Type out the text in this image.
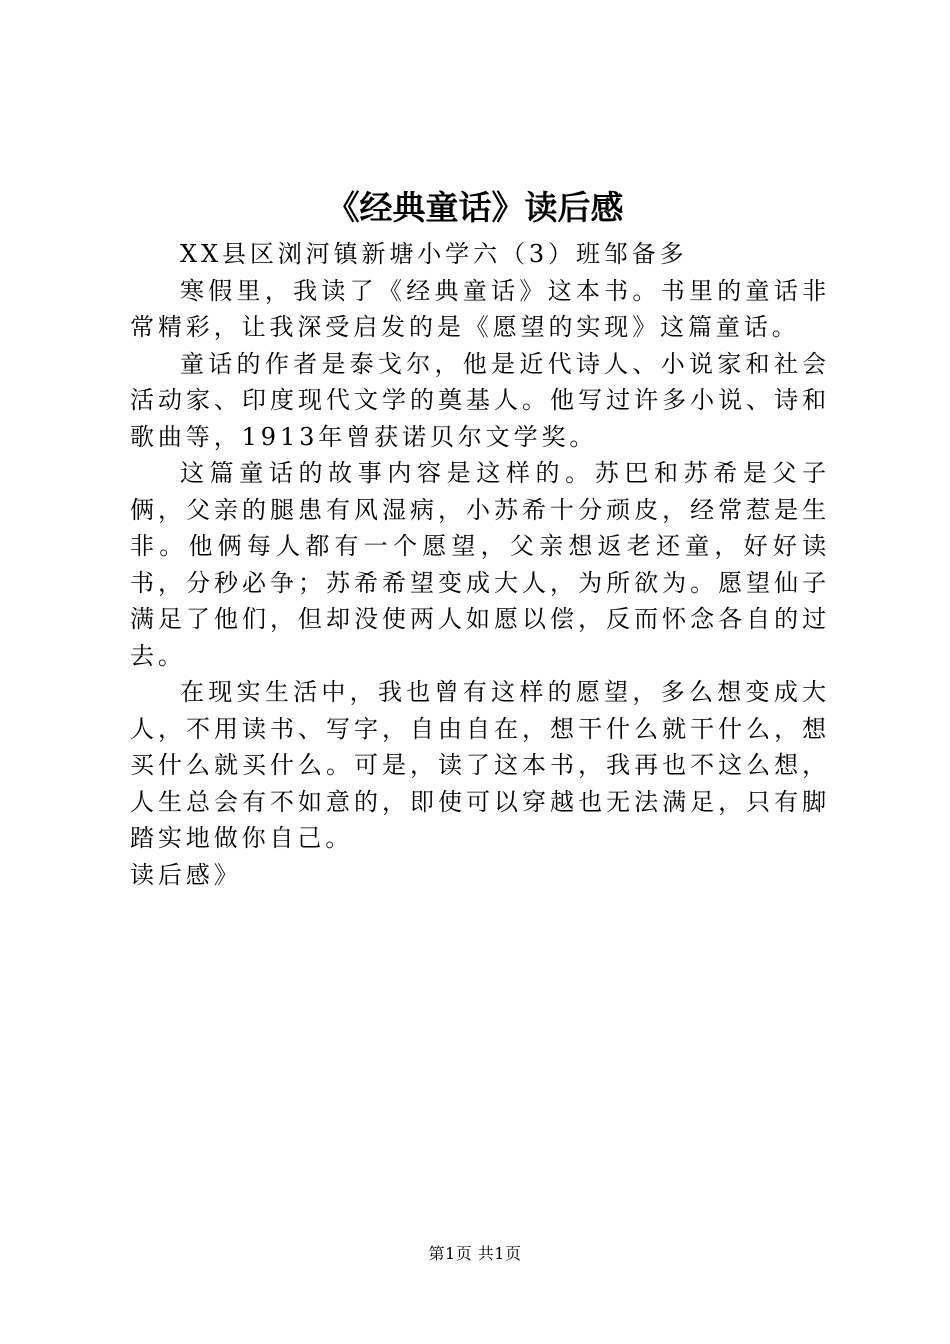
《经典童话》读后感

XX县区浏河镇新塘小学六（3）班邹备多

寒假里，我读了《经典童话》这本书。书里的童话非常精彩，让我深受启发的是《愿望的实现》这篇童话。

童话的作者是泰戈尔，他是近代诗人、小说家和社会活动家、印度现代文学的奠基人。他写过许多小说、诗和歌曲等，1913年曾获诺贝尔文学奖。

这篇童话的故事内容是这样的。苏巴和苏希是父子俩，父亲的腿患有风湿病，小苏希十分顽皮，经常惹是生非。他俩每人都有一个愿望，父亲想返老还童，好好读书，分秒必争；苏希希望变成大人，为所欲为。愿望仙子满足了他们，但却没使两人如愿以偿，反而怀念各自的过去。

在现实生活中，我也曾有这样的愿望，多么想变成大人，不用读书、写字，自由自在，想干什么就干什么，想买什么就买什么。可是，读了这本书，我再也不这么想，人生总会有不如意的，即使可以穿越也无法满足，只有脚踏实地做你自己。

读后感》

第1页 共1页
